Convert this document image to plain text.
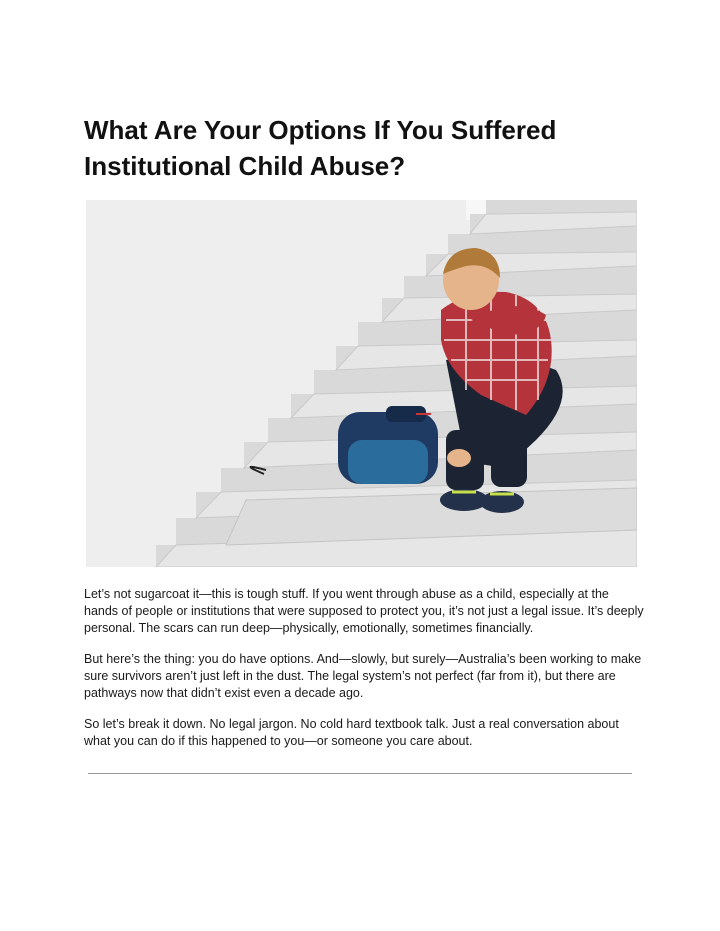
What Are Your Options If You Suffered Institutional Child Abuse?

Let’s not sugarcoat it—this is tough stuff. If you went through abuse as a child, especially at the hands of people or institutions that were supposed to protect you, it’s not just a legal issue. It’s deeply personal. The scars can run deep—physically, emotionally, sometimes financially.

But here’s the thing: you do have options. And—slowly, but surely—Australia’s been working to make sure survivors aren’t just left in the dust. The legal system’s not perfect (far from it), but there are pathways now that didn’t exist even a decade ago.

So let’s break it down. No legal jargon. No cold hard textbook talk. Just a real conversation about what you can do if this happened to you—or someone you care about.
